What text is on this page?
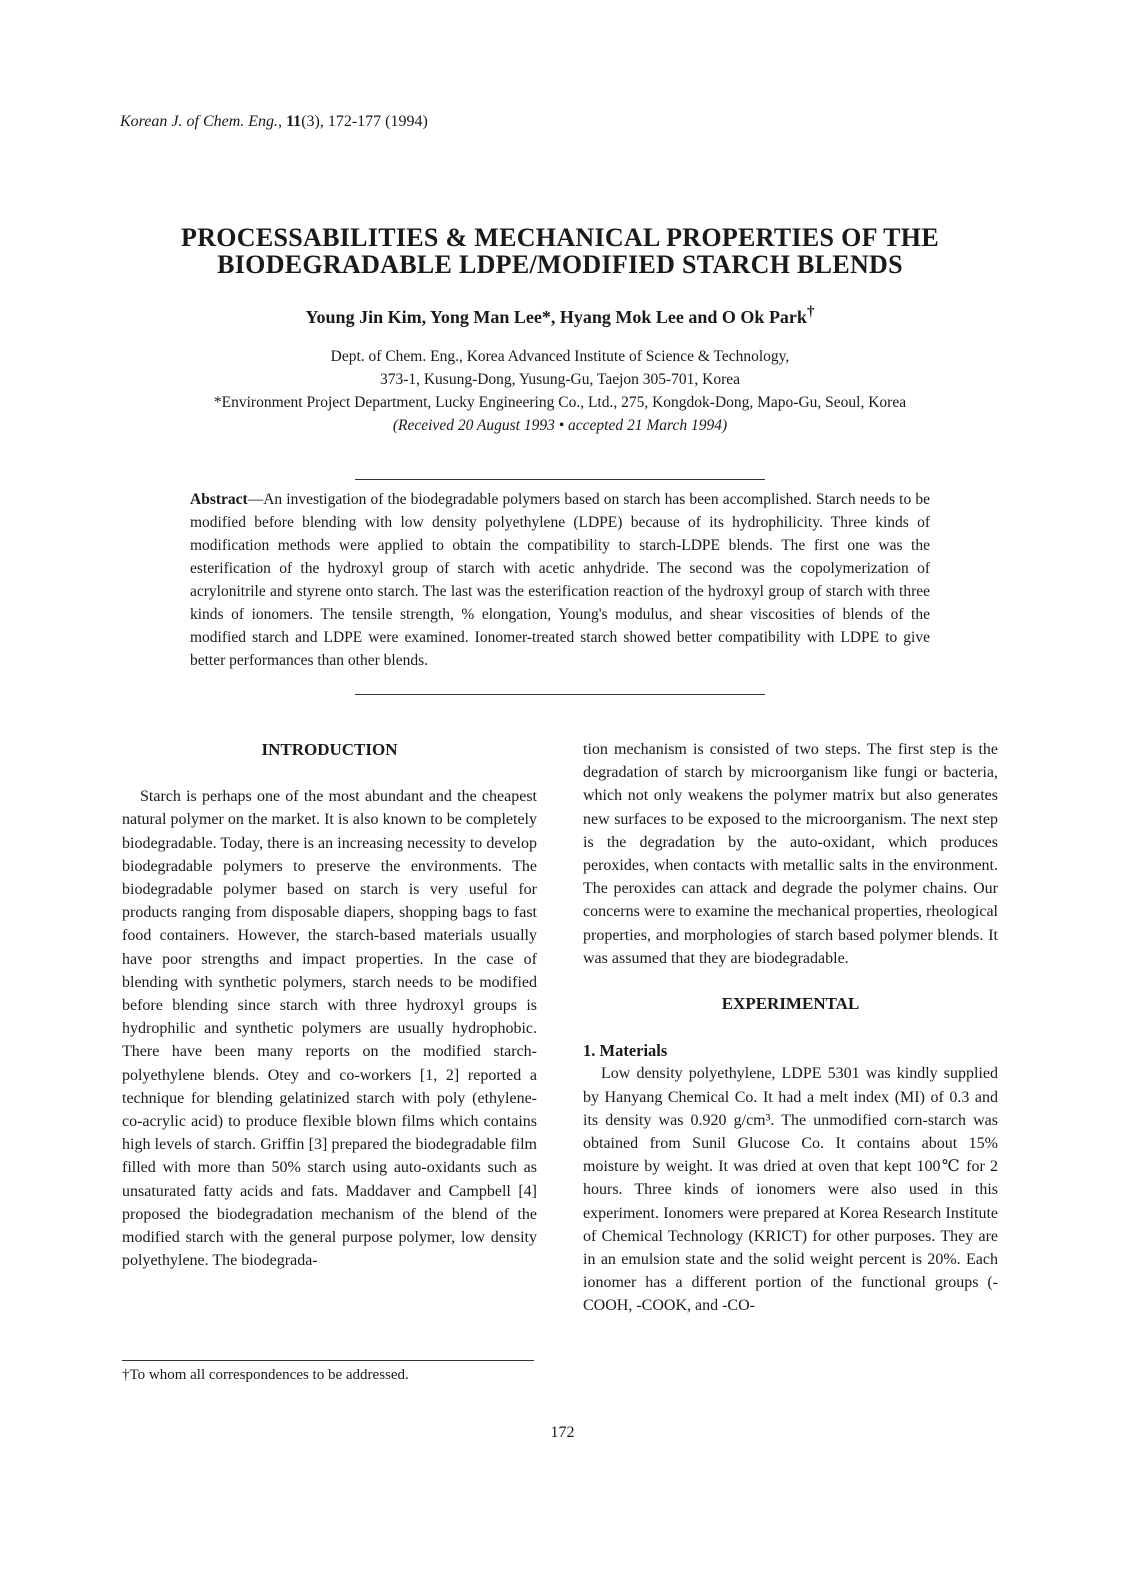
Korean J. of Chem. Eng., 11(3), 172-177 (1994)
PROCESSABILITIES & MECHANICAL PROPERTIES OF THE
BIODEGRADABLE LDPE/MODIFIED STARCH BLENDS
Young Jin Kim, Yong Man Lee*, Hyang Mok Lee and O Ok Park†
Dept. of Chem. Eng., Korea Advanced Institute of Science & Technology,
373-1, Kusung-Dong, Yusung-Gu, Taejon 305-701, Korea
*Environment Project Department, Lucky Engineering Co., Ltd., 275, Kongdok-Dong, Mapo-Gu, Seoul, Korea
(Received 20 August 1993 • accepted 21 March 1994)
Abstract—An investigation of the biodegradable polymers based on starch has been accomplished. Starch needs to be modified before blending with low density polyethylene (LDPE) because of its hydrophilicity. Three kinds of modification methods were applied to obtain the compatibility to starch-LDPE blends. The first one was the esterification of the hydroxyl group of starch with acetic anhydride. The second was the copolymerization of acrylonitrile and styrene onto starch. The last was the esterification reaction of the hydroxyl group of starch with three kinds of ionomers. The tensile strength, % elongation, Young's modulus, and shear viscosities of blends of the modified starch and LDPE were examined. Ionomer-treated starch showed better compatibility with LDPE to give better performances than other blends.

INTRODUCTION

Starch is perhaps one of the most abundant and the cheapest natural polymer on the market. It is also known to be completely biodegradable. Today, there is an increasing necessity to develop biodegradable polymers to preserve the environments. The biodegradable polymer based on starch is very useful for products ranging from disposable diapers, shopping bags to fast food containers. However, the starch-based materials usually have poor strengths and impact properties. In the case of blending with synthetic polymers, starch needs to be modified before blending since starch with three hydroxyl groups is hydrophilic and synthetic polymers are usually hydrophobic. There have been many reports on the modified starch-polyethylene blends. Otey and co-workers [1, 2] reported a technique for blending gelatinized starch with poly (ethylene-co-acrylic acid) to produce flexible blown films which contains high levels of starch. Griffin [3] prepared the biodegradable film filled with more than 50% starch using auto-oxidants such as unsaturated fatty acids and fats. Maddaver and Campbell [4] proposed the biodegradation mechanism of the blend of the modified starch with the general purpose polymer, low density polyethylene. The biodegrada-

†To whom all correspondences to be addressed.

tion mechanism is consisted of two steps. The first step is the degradation of starch by microorganism like fungi or bacteria, which not only weakens the polymer matrix but also generates new surfaces to be exposed to the microorganism. The next step is the degradation by the auto-oxidant, which produces peroxides, when contacts with metallic salts in the environment. The peroxides can attack and degrade the polymer chains. Our concerns were to examine the mechanical properties, rheological properties, and morphologies of starch based polymer blends. It was assumed that they are biodegradable.

EXPERIMENTAL

1. Materials

Low density polyethylene, LDPE 5301 was kindly supplied by Hanyang Chemical Co. It had a melt index (MI) of 0.3 and its density was 0.920 g/cm³. The unmodified corn-starch was obtained from Sunil Glucose Co. It contains about 15% moisture by weight. It was dried at oven that kept 100℃ for 2 hours. Three kinds of ionomers were also used in this experiment. Ionomers were prepared at Korea Research Institute of Chemical Technology (KRICT) for other purposes. They are in an emulsion state and the solid weight percent is 20%. Each ionomer has a different portion of the functional groups (-COOH, -COOK, and -CO-

172
